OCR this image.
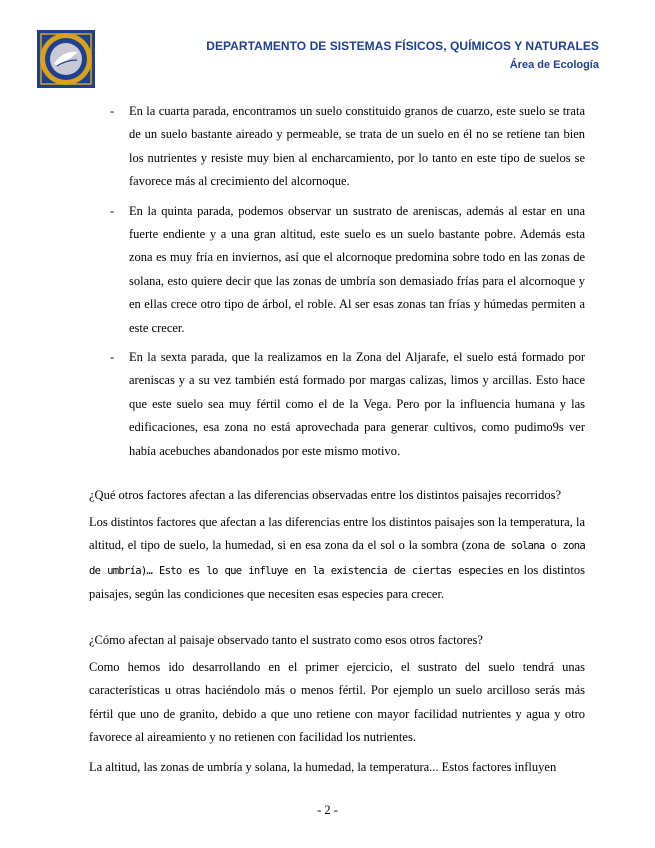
DEPARTAMENTO DE SISTEMAS FÍSICOS, QUÍMICOS Y NATURALES
Área de Ecología
- En la cuarta parada, encontramos un suelo constituido granos de cuarzo, este suelo se trata de un suelo bastante aireado y permeable, se trata de un suelo en él no se retiene tan bien los nutrientes y resiste muy bien al encharcamiento, por lo tanto en este tipo de suelos se favorece más al crecimiento del alcornoque.

- En la quinta parada, podemos observar un sustrato de areniscas, además al estar en una fuerte endiente y a una gran altitud, este suelo es un suelo bastante pobre. Además esta zona es muy fría en inviernos, así que el alcornoque predomina sobre todo en las zonas de solana, esto quiere decir que las zonas de umbría son demasiado frías para el alcornoque y en ellas crece otro tipo de árbol, el roble. Al ser esas zonas tan frías y húmedas permiten a este crecer.

- En la sexta parada, que la realizamos en la Zona del Aljarafe, el suelo está formado por areniscas y a su vez también está formado por margas calizas, limos y arcillas. Esto hace que este suelo sea muy fértil como el de la Vega. Pero por la influencia humana y las edificaciones, esa zona no está aprovechada para generar cultivos, como pudimo9s ver había acebuches abandonados por este mismo motivo.

¿Qué otros factores afectan a las diferencias observadas entre los distintos paisajes recorridos?

Los distintos factores que afectan a las diferencias entre los distintos paisajes son la temperatura, la altitud, el tipo de suelo, la humedad, si en esa zona da el sol o la sombra (zona de solana o zona de umbría)… Esto es lo que influye en la existencia de ciertas especies en los distintos paisajes, según las condiciones que necesiten esas especies para crecer.

¿Cómo afectan al paisaje observado tanto el sustrato como esos otros factores?

Como hemos ido desarrollando en el primer ejercicio, el sustrato del suelo tendrá unas características u otras haciéndolo más o menos fértil. Por ejemplo un suelo arcilloso serás más fértil que uno de granito, debido a que uno retiene con mayor facilidad nutrientes y agua y otro favorece al aireamiento y no retienen con facilidad los nutrientes.

La altitud, las zonas de umbría y solana, la humedad, la temperatura... Estos factores influyen

- 2 -
